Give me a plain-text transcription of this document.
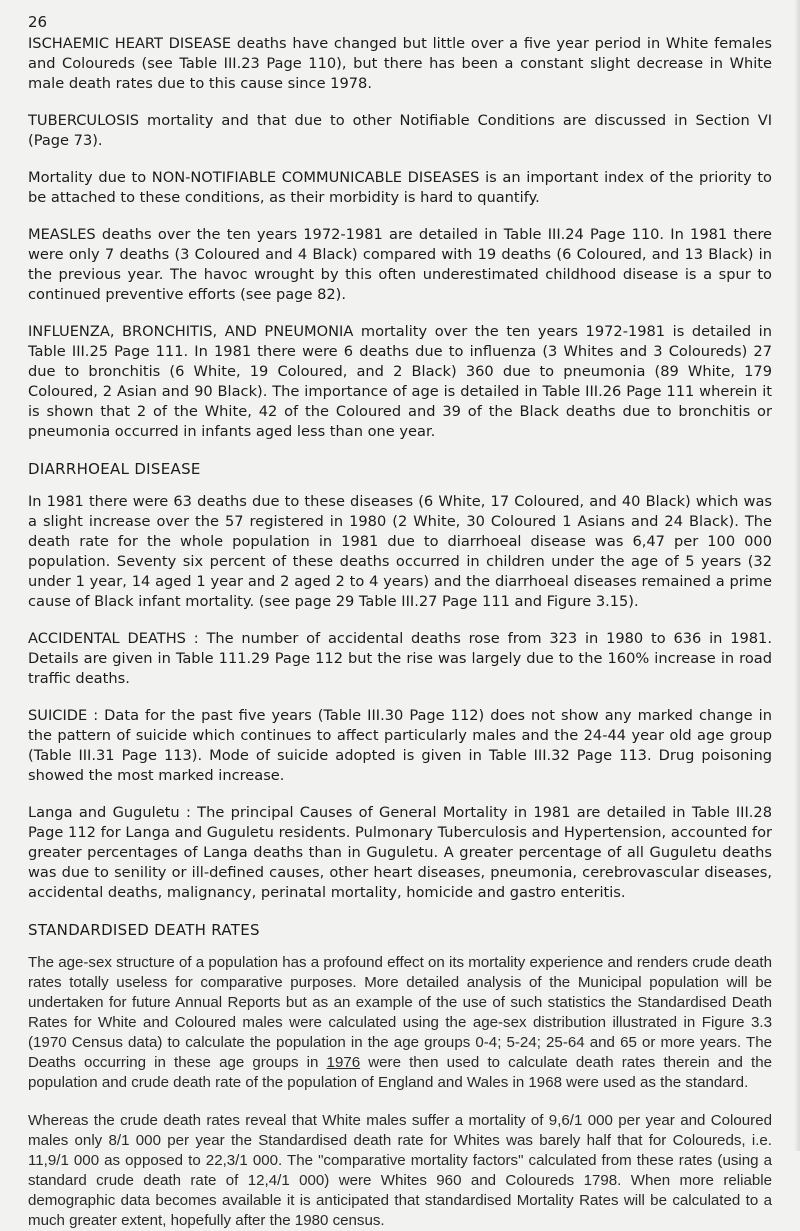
26

ISCHAEMIC HEART DISEASE deaths have changed but little over a five year period in White females and Coloureds (see Table III.23 Page 110), but there has been a constant slight decrease in White male death rates due to this cause since 1978.

TUBERCULOSIS mortality and that due to other Notifiable Conditions are discussed in Section VI (Page 73).

Mortality due to NON-NOTIFIABLE COMMUNICABLE DISEASES is an important index of the priority to be attached to these conditions, as their morbidity is hard to quantify.

MEASLES deaths over the ten years 1972-1981 are detailed in Table III.24 Page 110. In 1981 there were only 7 deaths (3 Coloured and 4 Black) compared with 19 deaths (6 Coloured, and 13 Black) in the previous year. The havoc wrought by this often underestimated childhood disease is a spur to continued preventive efforts (see page 82).

INFLUENZA, BRONCHITIS, AND PNEUMONIA mortality over the ten years 1972-1981 is detailed in Table III.25 Page 111. In 1981 there were 6 deaths due to influenza (3 Whites and 3 Coloureds) 27 due to bronchitis (6 White, 19 Coloured, and 2 Black) 360 due to pneumonia (89 White, 179 Coloured, 2 Asian and 90 Black). The importance of age is detailed in Table III.26 Page 111 wherein it is shown that 2 of the White, 42 of the Coloured and 39 of the Black deaths due to bronchitis or pneumonia occurred in infants aged less than one year.

DIARRHOEAL DISEASE

In 1981 there were 63 deaths due to these diseases (6 White, 17 Coloured, and 40 Black) which was a slight increase over the 57 registered in 1980 (2 White, 30 Coloured 1 Asians and 24 Black). The death rate for the whole population in 1981 due to diarrhoeal disease was 6,47 per 100 000 population. Seventy six percent of these deaths occurred in children under the age of 5 years (32 under 1 year, 14 aged 1 year and 2 aged 2 to 4 years) and the diarrhoeal diseases remained a prime cause of Black infant mortality. (see page 29 Table III.27 Page 111 and Figure 3.15).

ACCIDENTAL DEATHS : The number of accidental deaths rose from 323 in 1980 to 636 in 1981. Details are given in Table 111.29 Page 112 but the rise was largely due to the 160% increase in road traffic deaths.

SUICIDE : Data for the past five years (Table III.30 Page 112) does not show any marked change in the pattern of suicide which continues to affect particularly males and the 24-44 year old age group (Table III.31 Page 113). Mode of suicide adopted is given in Table III.32 Page 113. Drug poisoning showed the most marked increase.

Langa and Guguletu : The principal Causes of General Mortality in 1981 are detailed in Table III.28 Page 112 for Langa and Guguletu residents. Pulmonary Tuberculosis and Hypertension, accounted for greater percentages of Langa deaths than in Guguletu. A greater percentage of all Guguletu deaths was due to senility or ill-defined causes, other heart diseases, pneumonia, cerebrovascular diseases, accidental deaths, malignancy, perinatal mortality, homicide and gastro enteritis.

STANDARDISED DEATH RATES

The age-sex structure of a population has a profound effect on its mortality experience and renders crude death rates totally useless for comparative purposes. More detailed analysis of the Municipal population will be undertaken for future Annual Reports but as an example of the use of such statistics the Standardised Death Rates for White and Coloured males were calculated using the age-sex distribution illustrated in Figure 3.3 (1970 Census data) to calculate the population in the age groups 0-4; 5-24; 25-64 and 65 or more years. The Deaths occurring in these age groups in 1976 were then used to calculate death rates therein and the population and crude death rate of the population of England and Wales in 1968 were used as the standard.

Whereas the crude death rates reveal that White males suffer a mortality of 9,6/1 000 per year and Coloured males only 8/1 000 per year the Standardised death rate for Whites was barely half that for Coloureds, i.e. 11,9/1 000 as opposed to 22,3/1 000. The "comparative mortality factors" calculated from these rates (using a standard crude death rate of 12,4/1 000) were Whites 960 and Coloureds 1798. When more reliable demographic data becomes available it is anticipated that standardised Mortality Rates will be calculated to a much greater extent, hopefully after the 1980 census.
